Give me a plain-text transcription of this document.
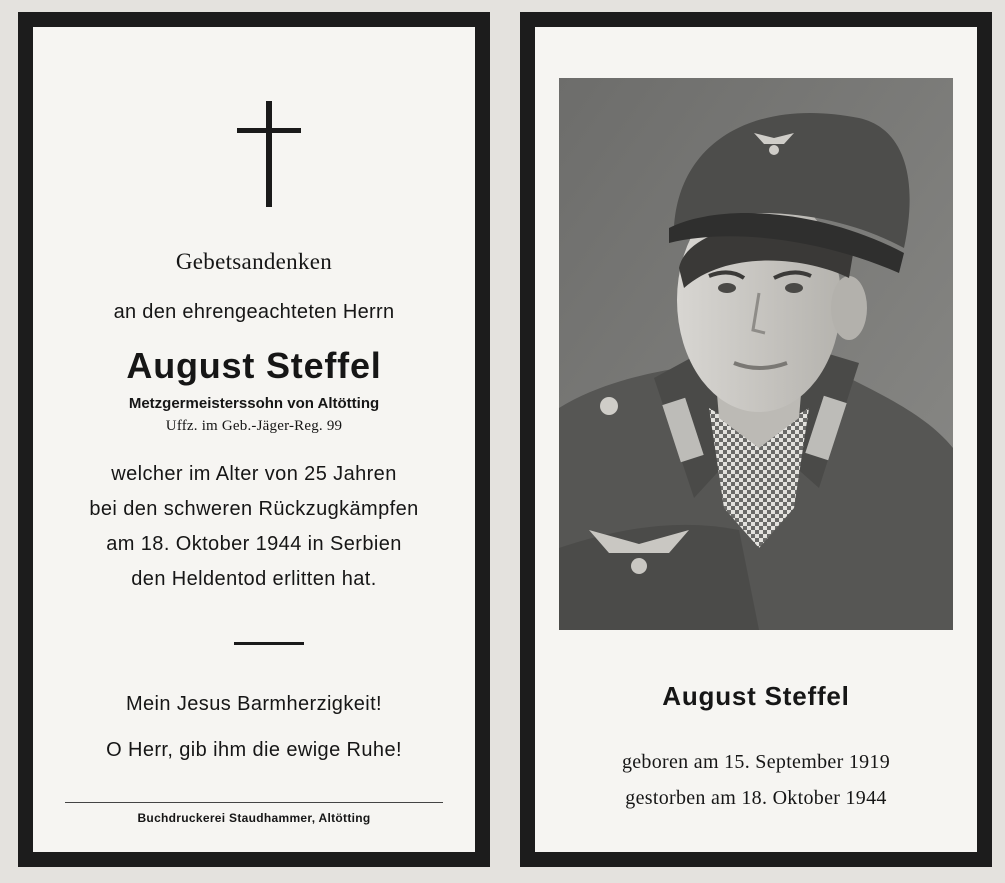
Gebetsandenken
an den ehrengeachteten Herrn
August Steffel
Metzgermeisterssohn von Altötting
Uffz. im Geb.-Jäger-Reg. 99
welcher im Alter von 25 Jahren
bei den schweren Rückzugkämpfen
am 18. Oktober 1944 in Serbien
den Heldentod erlitten hat.
Mein Jesus Barmherzigkeit!
O Herr, gib ihm die ewige Ruhe!
Buchdruckerei Staudhammer, Altötting
August Steffel
geboren am 15. September 1919
gestorben am 18. Oktober 1944
